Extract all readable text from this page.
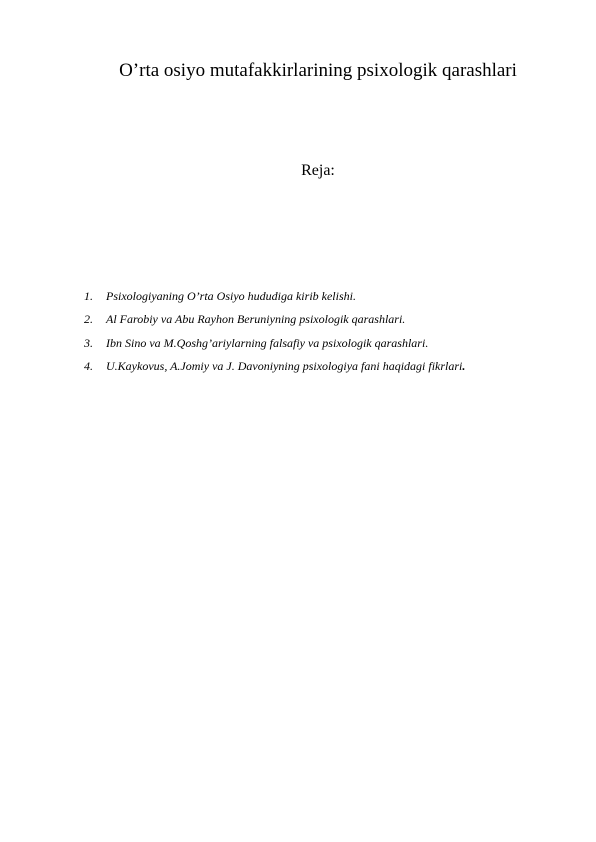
O’rta osiyo mutafakkirlarining psixologik qarashlari
Reja:
1.	Psixologiyaning O’rta Osiyo hududiga kirib kelishi.
2.	Al Farobiy va Abu Rayhon Beruniyning psixologik qarashlari.
3.	Ibn Sino va M.Qoshg’ariylarning falsafiy va psixologik qarashlari.
4.	U.Kaykovus, A.Jomiy va J. Davoniyning psixologiya fani haqidagi fikrlari.
